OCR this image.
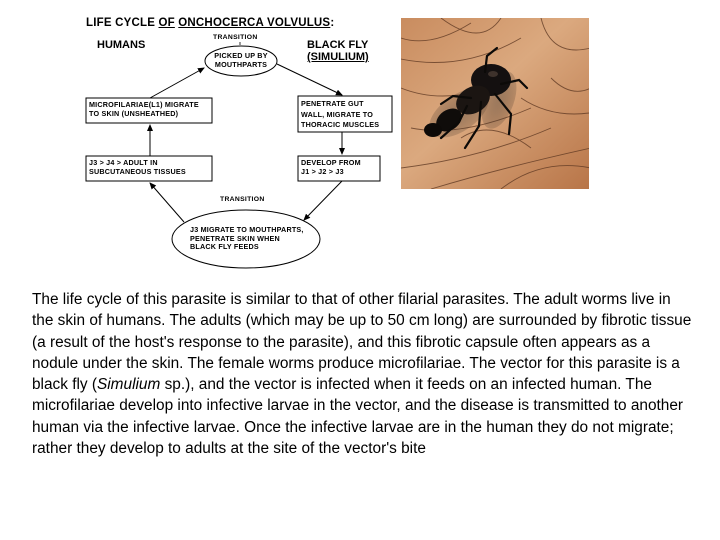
LIFE CYCLE OF ONCHOCERCA VOLVULUS:
HUMANS	BLACK FLY
(SIMULIUM)
TRANSITION
PICKED UP BY
MOUTHPARTS
MICROFILARIAE(L1) MIGRATE
TO SKIN (UNSHEATHED)
J3 > J4 > ADULT IN
SUBCUTANEOUS TISSUES
PENETRATE GUT
WALL, MIGRATE TO
THORACIC MUSCLES
DEVELOP FROM
J1 > J2 > J3
TRANSITION
J3 MIGRATE TO MOUTHPARTS,
PENETRATE SKIN WHEN
BLACK FLY FEEDS
The life cycle of this parasite is similar to that of other filarial parasites. The adult worms live in the skin of humans. The adults (which may be up to 50 cm long) are surrounded by fibrotic tissue (a result of the host's response to the parasite), and this fibrotic capsule often appears as a nodule under the skin. The female worms produce microfilariae. The vector for this parasite is a black fly (Simulium sp.), and the vector is infected when it feeds on an infected human. The microfilariae develop into infective larvae in the vector, and the disease is transmitted to another human via the infective larvae. Once the infective larvae are in the human they do not migrate; rather they develop to adults at the site of the vector's bite
